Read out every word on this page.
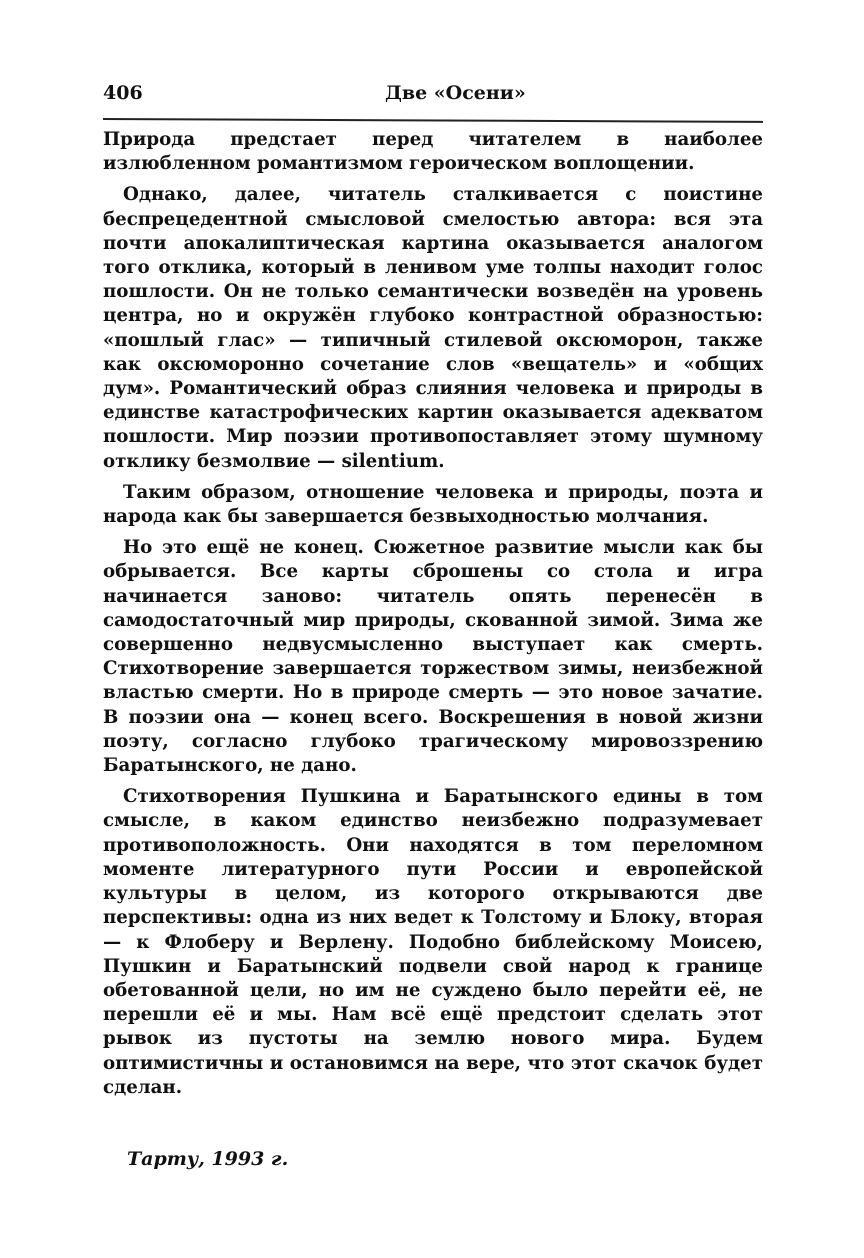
406	Две «Осени»

Природа предстает перед читателем в наиболее излюбленном романтизмом героическом воплощении.

Однако, далее, читатель сталкивается с поистине беспрецедентной смысловой смелостью автора: вся эта почти апокалиптическая картина оказывается аналогом того отклика, который в ленивом уме толпы находит голос пошлости. Он не только семантически возведён на уровень центра, но и окружён глубоко контрастной образностью: «пошлый глас» — типичный стилевой оксюморон, также как оксюморонно сочетание слов «вещатель» и «общих дум». Романтический образ слияния человека и природы в единстве катастрофических картин оказывается адекватом пошлости. Мир поэзии противопоставляет этому шумному отклику безмолвие — silentium.

Таким образом, отношение человека и природы, поэта и народа как бы завершается безвыходностью молчания.

Но это ещё не конец. Сюжетное развитие мысли как бы обрывается. Все карты сброшены со стола и игра начинается заново: читатель опять перенесён в самодостаточный мир природы, скованной зимой. Зима же совершенно недвусмысленно выступает как смерть. Стихотворение завершается торжеством зимы, неизбежной властью смерти. Но в природе смерть — это новое зачатие. В поэзии она — конец всего. Воскрешения в новой жизни поэту, согласно глубоко трагическому мировоззрению Баратынского, не дано.

Стихотворения Пушкина и Баратынского едины в том смысле, в каком единство неизбежно подразумевает противоположность. Они находятся в том переломном моменте литературного пути России и европейской культуры в целом, из которого открываются две перспективы: одна из них ведет к Толстому и Блоку, вторая — к Флоберу и Верлену. Подобно библейскому Моисею, Пушкин и Баратынский подвели свой народ к границе обетованной цели, но им не суждено было перейти её, не перешли её и мы. Нам всё ещё предстоит сделать этот рывок из пустоты на землю нового мира. Будем оптимистичны и остановимся на вере, что этот скачок будет сделан.

Тарту, 1993 г.
